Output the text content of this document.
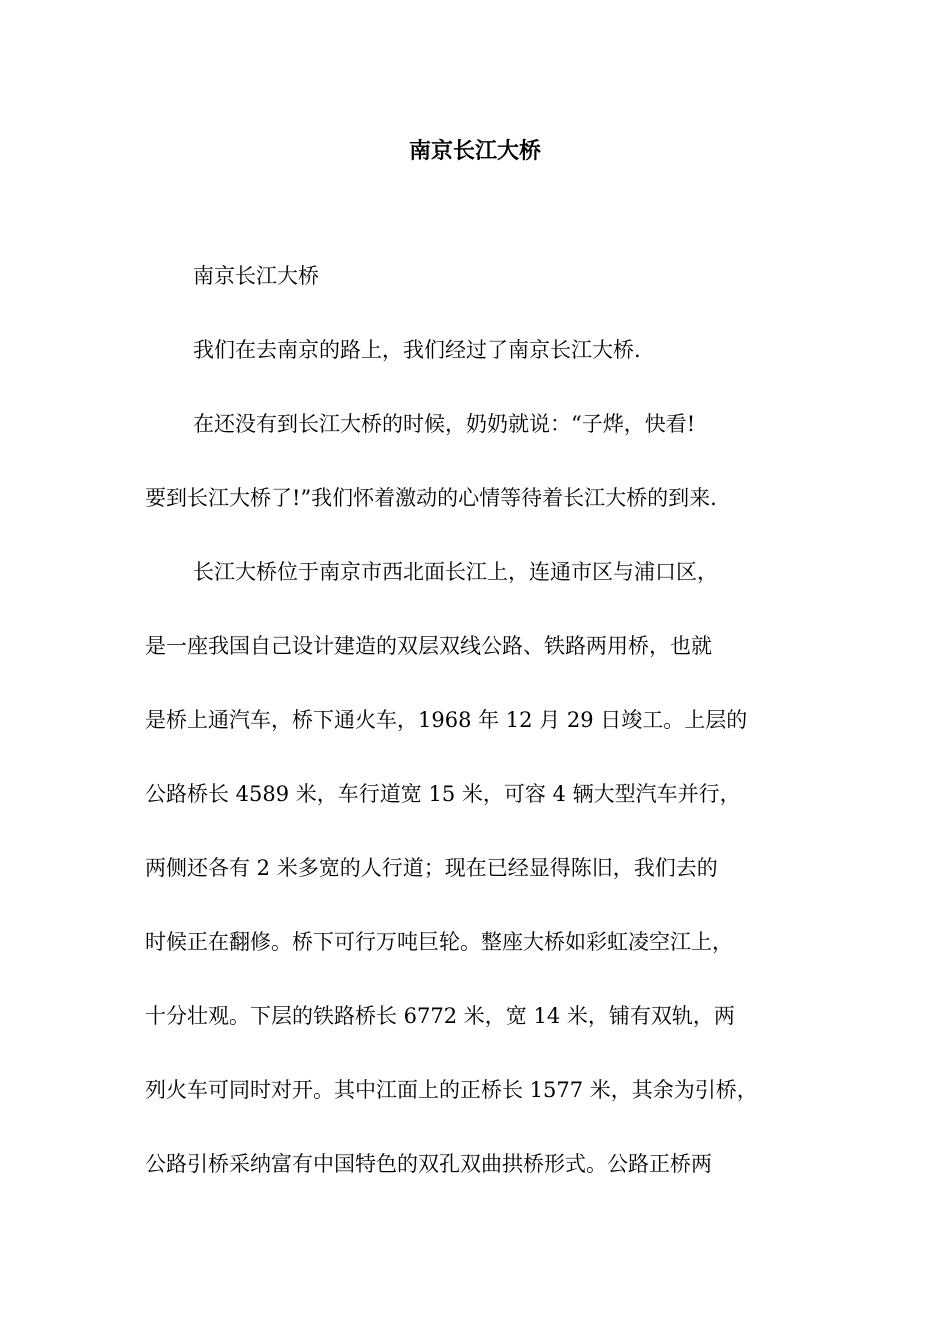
南京长江大桥
南京长江大桥
我们在去南京的路上，我们经过了南京长江大桥.
在还没有到长江大桥的时候，奶奶就说：“子烨，快看!
要到长江大桥了!”我们怀着激动的心情等待着长江大桥的到来.
长江大桥位于南京市西北面长江上，连通市区与浦口区，
是一座我国自己设计建造的双层双线公路、铁路两用桥，也就
是桥上通汽车，桥下通火车，1968 年 12 月 29 日竣工。上层的
公路桥长 4589 米，车行道宽 15 米，可容 4 辆大型汽车并行，
两侧还各有 2 米多宽的人行道；现在已经显得陈旧，我们去的
时候正在翻修。桥下可行万吨巨轮。整座大桥如彩虹凌空江上，
十分壮观。下层的铁路桥长 6772 米，宽 14 米，铺有双轨，两
列火车可同时对开。其中江面上的正桥长 1577 米，其余为引桥，
公路引桥采纳富有中国特色的双孔双曲拱桥形式。公路正桥两
